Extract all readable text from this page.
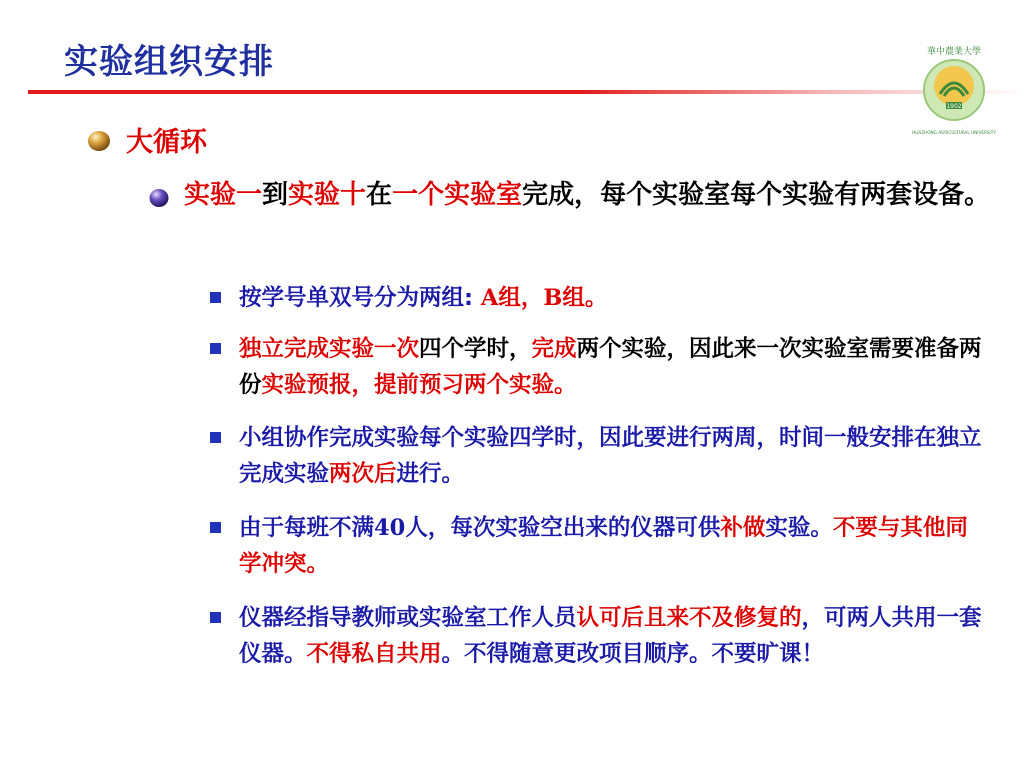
实验组织安排
1902
華中農業大學
HUAZHONG AGRICULTURAL UNIVERSITY
大循环
实验一到实验十在一个实验室完成，每个实验室每个实验有两套设备。
按学号单双号分为两组: A组，B组。
独立完成实验一次四个学时，完成两个实验，因此来一次实验室需要准备两份实验预报，提前预习两个实验。
小组协作完成实验每个实验四学时，因此要进行两周，时间一般安排在独立完成实验两次后进行。
由于每班不满40人，每次实验空出来的仪器可供补做实验。不要与其他同学冲突。
仪器经指导教师或实验室工作人员认可后且来不及修复的，可两人共用一套仪器。不得私自共用。不得随意更改项目顺序。不要旷课！
